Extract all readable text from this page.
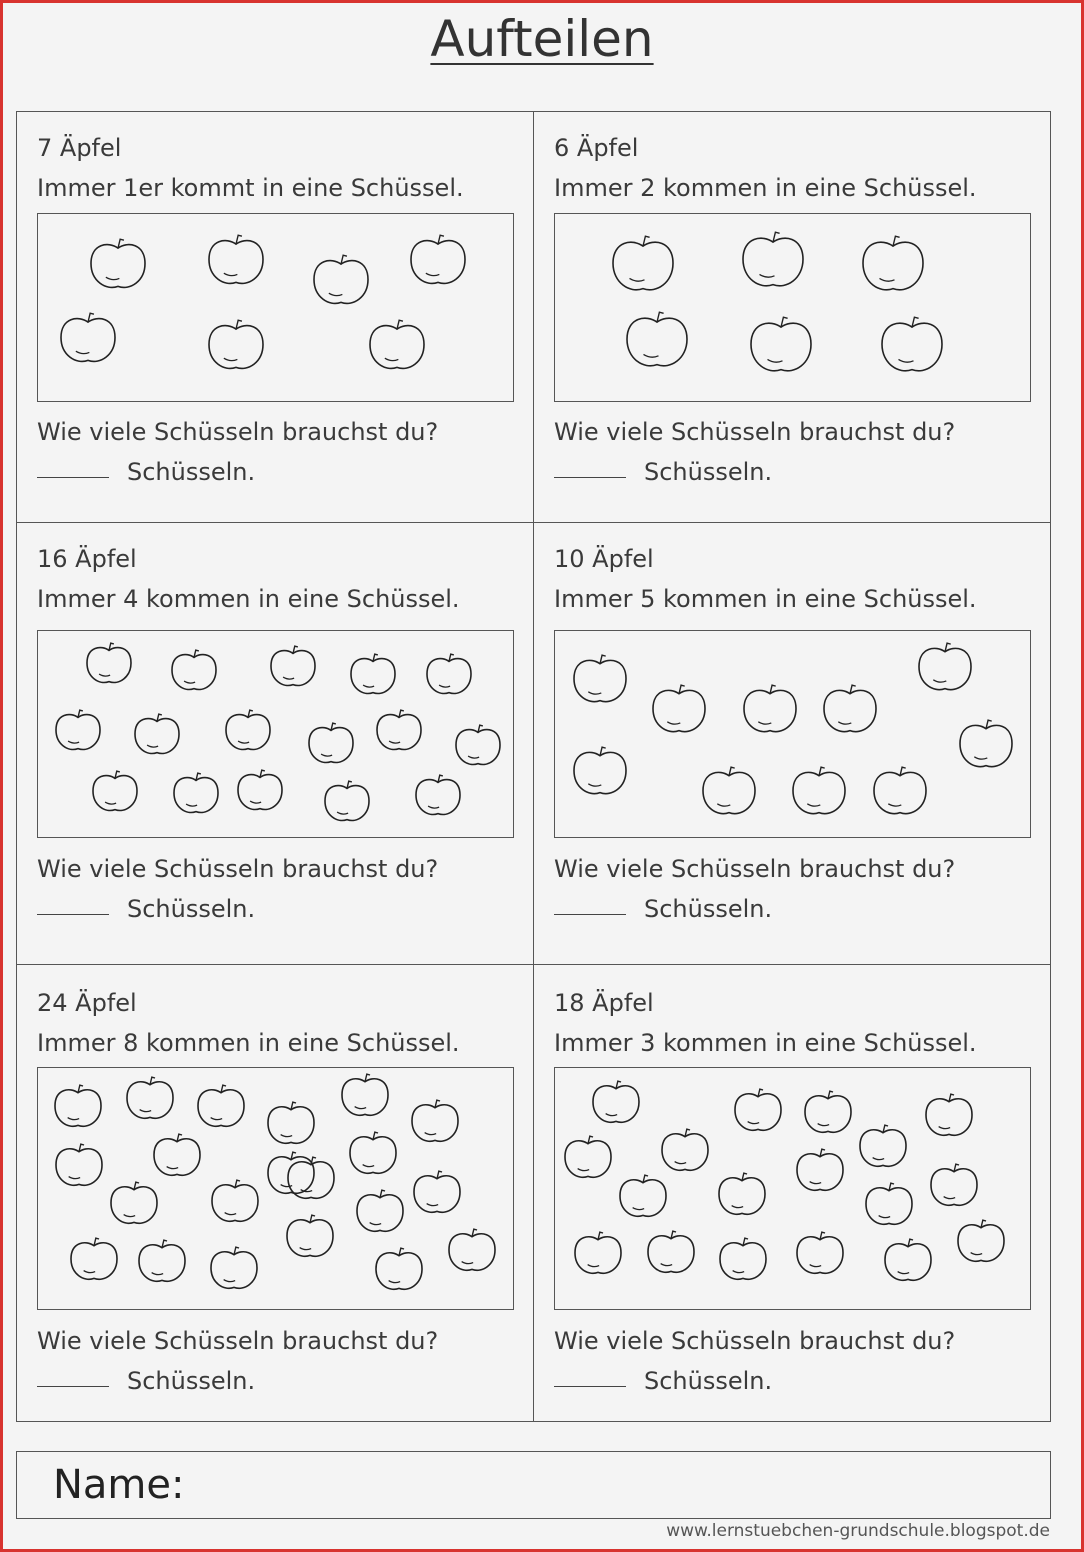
Aufteilen
7 Äpfel
Immer 1er kommt in eine Schüssel.
Wie viele Schüsseln brauchst du?
Schüsseln.
6 Äpfel
Immer 2 kommen in eine Schüssel.
Wie viele Schüsseln brauchst du?
Schüsseln.
16 Äpfel
Immer 4 kommen in eine Schüssel.
Wie viele Schüsseln brauchst du?
Schüsseln.
10 Äpfel
Immer 5 kommen in eine Schüssel.
Wie viele Schüsseln brauchst du?
Schüsseln.
24 Äpfel
Immer 8 kommen in eine Schüssel.
Wie viele Schüsseln brauchst du?
Schüsseln.
18 Äpfel
Immer 3 kommen in eine Schüssel.
Wie viele Schüsseln brauchst du?
Schüsseln.
Name:
www.lernstuebchen-grundschule.blogspot.de
